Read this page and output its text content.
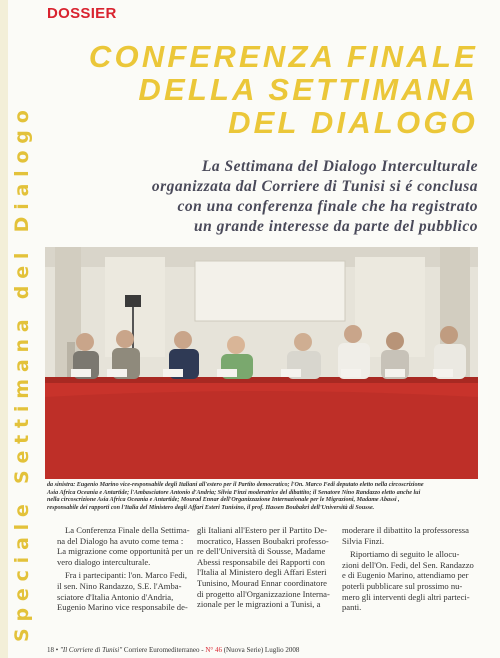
Speciale Settimana del Dialogo
DOSSIER
CONFERENZA FINALE
DELLA SETTIMANA
DEL DIALOGO
La Settimana del Dialogo Interculturale
organizzata dal Corriere di Tunisi si é conclusa
con una conferenza finale che ha registrato
un grande interesse da parte del pubblico
da sinistra: Eugenio Marino vice-responsabile degli Italiani all'estero per il Partito democratico; l'On. Marco Fedi deputato eletto nella circoscrizione
Asia Africa Oceania e Antartide; l'Ambasciatore Antonio d'Andria; Silvia Finzi moderatrice del dibattito; il Senatore Nino Randazzo eletto anche lui
nella circoscrizione Asia Africa Oceania e Antartide; Mourad Ennar dell'Organizzazione Internazionale per le Migrazioni, Madame Abassi ,
responsabile dei rapporti con l'Italia del Ministero degli Affari Esteri Tunisino, il prof. Hassen Boubakri dell'Università di Sousse.
La Conferenza Finale della Settima-
na del Dialogo ha avuto come tema :
La migrazione come opportunità per un
vero dialogo interculturale.
Fra i partecipanti: l'on. Marco Fedi,
il sen. Nino Randazzo, S.E. l'Amba-
sciatore d'Italia Antonio d'Andria,
Eugenio Marino vice responsabile de-
gli Italiani all'Estero per il Partito De-
mocratico, Hassen Boubakri professo-
re dell'Università di Sousse, Madame
Abessi responsabile dei Rapporti con
l'Italia al Ministero degli Affari Esteri
Tunisino, Mourad Ennar coordinatore
di progetto all'Organizzazione Interna-
zionale per le migrazioni a Tunisi, a
moderare il dibattito la professoressa
Silvia Finzi.
Riportiamo di seguito le allocu-
zioni dell'On. Fedi, del Sen. Randazzo
e di Eugenio Marino, attendiamo per
poterli pubblicare sul prossimo nu-
mero gli interventi degli altri parteci-
panti.
18 • "Il Corriere di Tunisi" Corriere Euromediterraneo - N° 46 (Nuova Serie) Luglio 2008
